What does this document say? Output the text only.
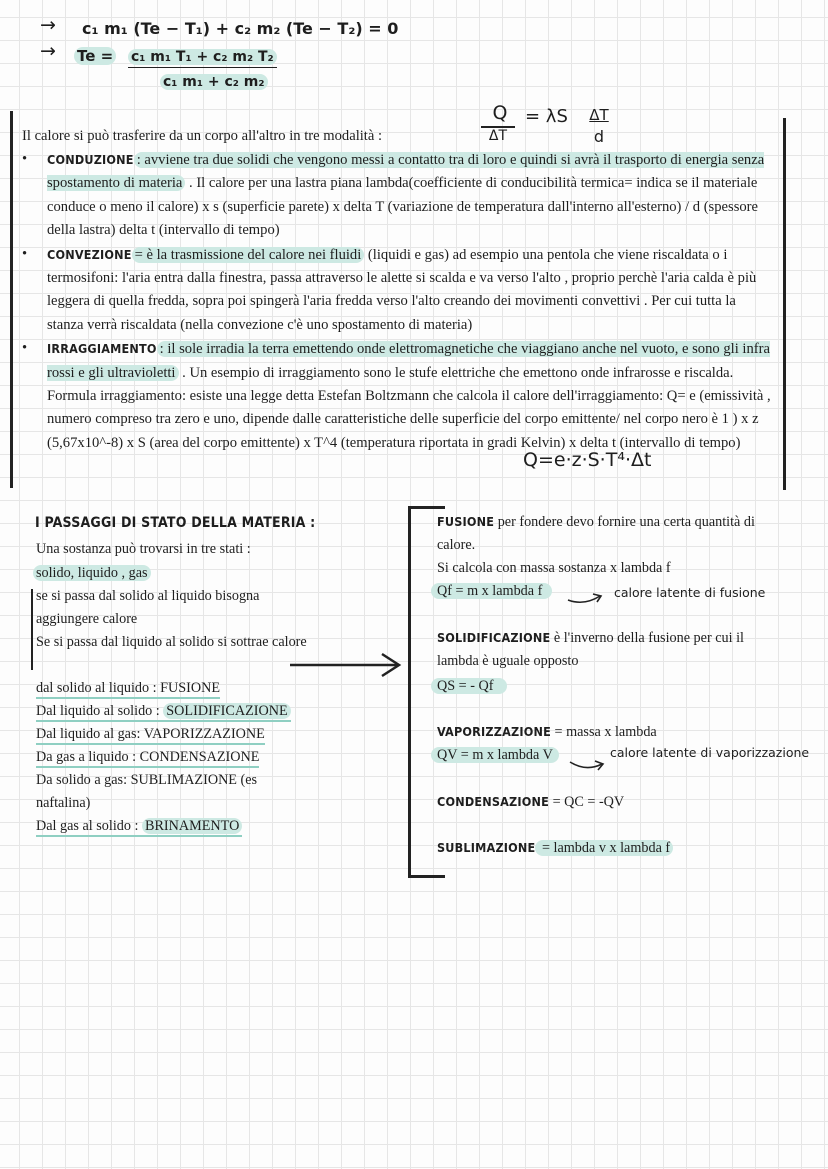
→ c₁ m₁ (Te − T₁) + c₂ m₂ (Te − T₂) = 0
→ Te = c₁ m₁ T₁ + c₂ m₂ T₂
c₁ m₁ + c₂ m₂
Q
ΔT
= λS	ΔT
d
Il calore si può trasferire da un corpo all'altro in tre modalità :
• CONDUZIONE : avviene tra due solidi che vengono messi a contatto tra di loro e quindi si avrà il trasporto di energia senza spostamento di materia . Il calore per una lastra piana lambda(coefficiente di conducibilità termica= indica se il materiale conduce o meno il calore) x s (superficie parete) x delta T (variazione de temperatura dall'interno all'esterno) / d (spessore della lastra) delta t (intervallo di tempo)
• CONVEZIONE = è la trasmissione del calore nei fluidi (liquidi e gas) ad esempio una pentola che viene riscaldata o i termosifoni: l'aria entra dalla finestra, passa attraverso le alette si scalda e va verso l'alto , proprio perchè l'aria calda è più leggera di quella fredda, sopra poi spingerà l'aria fredda verso l'alto creando dei movimenti convettivi . Per cui tutta la stanza verrà riscaldata (nella convezione c'è uno spostamento di materia)
• IRRAGGIAMENTO : il sole irradia la terra emettendo onde elettromagnetiche che viaggiano anche nel vuoto, e sono gli infra rossi e gli ultravioletti . Un esempio di irraggiamento sono le stufe elettriche che emettono onde infrarosse e riscalda. Formula irraggiamento: esiste una legge detta Estefan Boltzmann che calcola il calore dell'irraggiamento: Q= e (emissività , numero compreso tra zero e uno, dipende dalle caratteristiche delle superficie del corpo emittente/ nel corpo nero è 1 ) x z (5,67x10^-8) x S (area del corpo emittente) x T^4 (temperatura riportata in gradi Kelvin) x delta t (intervallo di tempo)
Q=e·z·S·T⁴·Δt
I PASSAGGI DI STATO DELLA MATERIA :
Una sostanza può trovarsi in tre stati :
solido, liquido , gas
se si passa dal solido al liquido bisogna aggiungere calore
Se si passa dal liquido al solido si sottrae calore
dal solido al liquido : FUSIONE
Dal liquido al solido : SOLIDIFICAZIONE
Dal liquido al gas: VAPORIZZAZIONE
Da gas a liquido : CONDENSAZIONE
Da solido a gas: SUBLIMAZIONE (es naftalina)
Dal gas al solido : BRINAMENTO
FUSIONE per fondere devo fornire una certa quantità di calore.
Si calcola con massa sostanza x lambda f
Qf = m x lambda f	calore latente di fusione
SOLIDIFICAZIONE è l'inverno della fusione per cui il lambda è uguale opposto
QS = - Qf
VAPORIZZAZIONE = massa x lambda
QV = m x lambda V	calore latente di vaporizzazione
CONDENSAZIONE = QC = -QV
SUBLIMAZIONE = lambda v x lambda f
